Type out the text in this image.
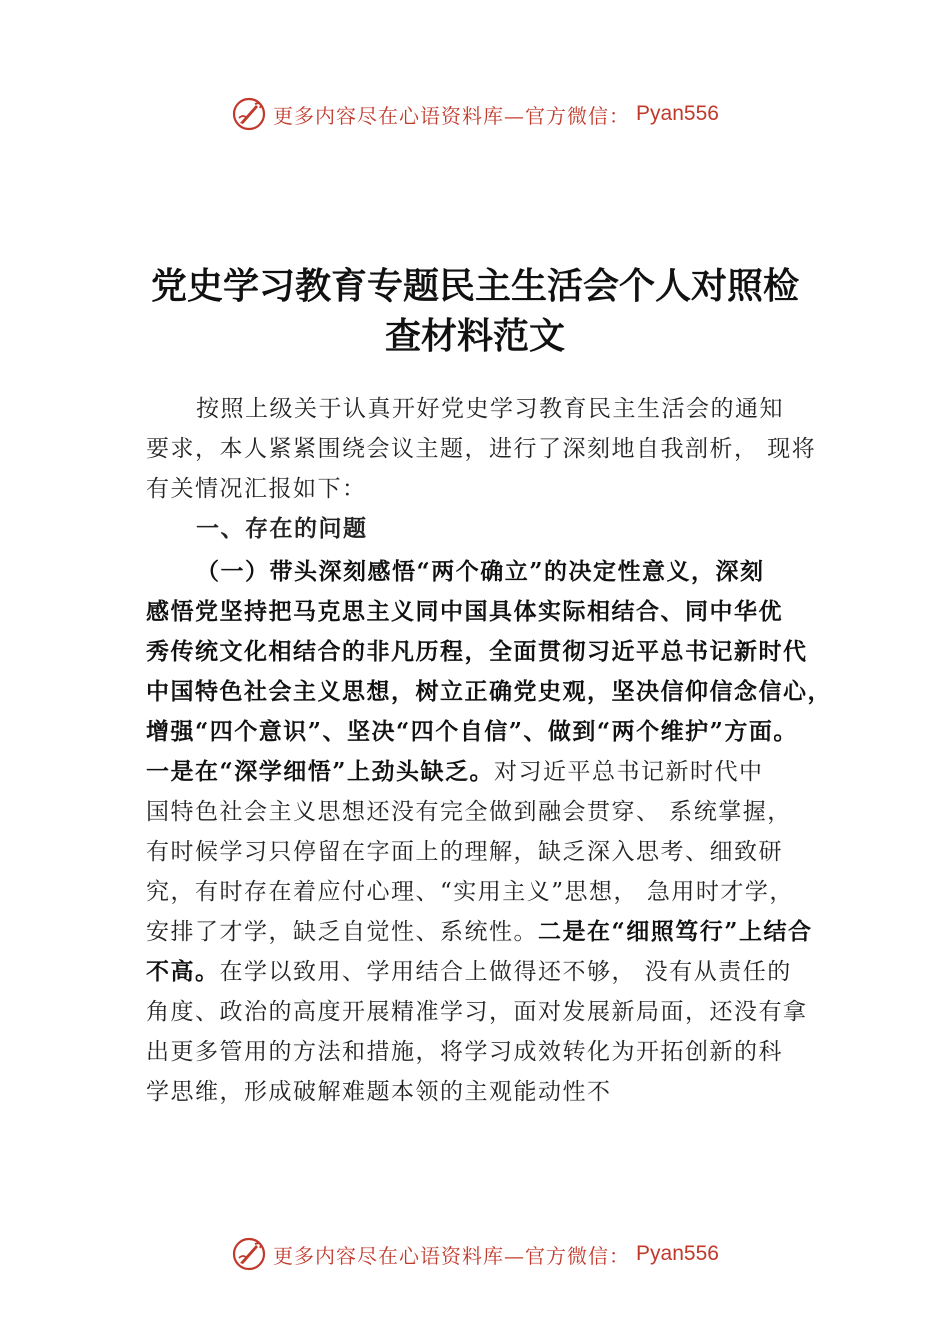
更多内容尽在心语资料库—官方微信： Pyan556
党史学习教育专题民主生活会个人对照检
查材料范文
按照上级关于认真开好党史学习教育民主生活会的通知
要求，本人紧紧围绕会议主题，进行了深刻地自我剖析， 现将
有关情况汇报如下：
一、存在的问题
（一）带头深刻感悟“两个确立”的决定性意义，深刻
感悟党坚持把马克思主义同中国具体实际相结合、同中华优
秀传统文化相结合的非凡历程，全面贯彻习近平总书记新时代
中国特色社会主义思想，树立正确党史观，坚决信仰信念信心，
增强“四个意识”、坚决“四个自信”、做到“两个维护”方面。
一是在“深学细悟”上劲头缺乏。对习近平总书记新时代中
国特色社会主义思想还没有完全做到融会贯穿、 系统掌握，
有时候学习只停留在字面上的理解，缺乏深入思考、细致研
究，有时存在着应付心理、“实用主义”思想， 急用时才学，
安排了才学，缺乏自觉性、系统性。二是在“细照笃行”上结合
不高。在学以致用、学用结合上做得还不够， 没有从责任的
角度、政治的高度开展精准学习，面对发展新局面，还没有拿
出更多管用的方法和措施，将学习成效转化为开拓创新的科
学思维，形成破解难题本领的主观能动性不
更多内容尽在心语资料库—官方微信： Pyan556
